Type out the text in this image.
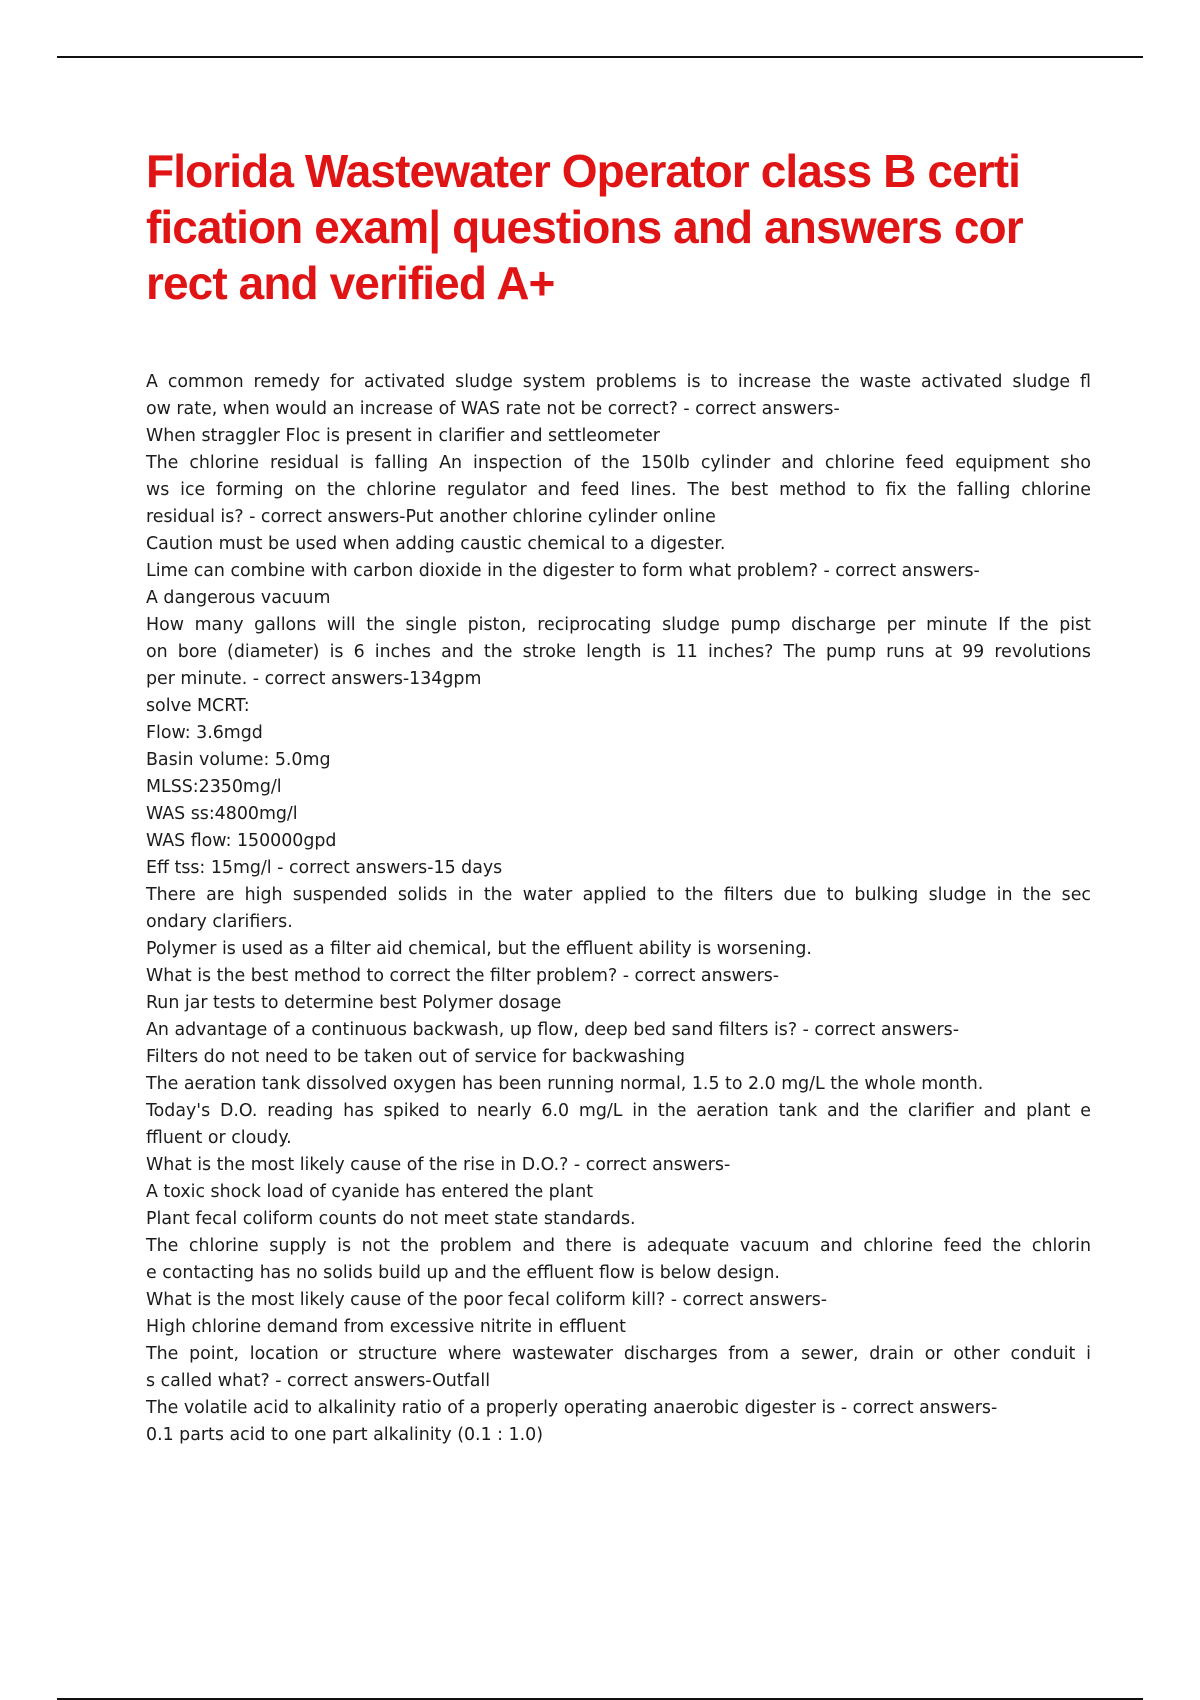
Florida Wastewater Operator class B certi
fication exam| questions and answers cor
rect and verified A+
A common remedy for activated sludge system problems is to increase the waste activated sludge fl
ow rate, when would an increase of WAS rate not be correct? - correct answers-
When straggler Floc is present in clarifier and settleometer
The chlorine residual is falling An inspection of the 150lb cylinder and chlorine feed equipment sho
ws ice forming on the chlorine regulator and feed lines. The best method to fix the falling chlorine
residual is? - correct answers-Put another chlorine cylinder online
Caution must be used when adding caustic chemical to a digester.
Lime can combine with carbon dioxide in the digester to form what problem? - correct answers-
A dangerous vacuum
How many gallons will the single piston, reciprocating sludge pump discharge per minute If the pist
on bore (diameter) is 6 inches and the stroke length is 11 inches? The pump runs at 99 revolutions
per minute. - correct answers-134gpm
solve MCRT:
Flow: 3.6mgd
Basin volume: 5.0mg
MLSS:2350mg/l
WAS ss:4800mg/l
WAS flow: 150000gpd
Eff tss: 15mg/l - correct answers-15 days
There are high suspended solids in the water applied to the filters due to bulking sludge in the sec
ondary clarifiers.
Polymer is used as a filter aid chemical, but the effluent ability is worsening.
What is the best method to correct the filter problem? - correct answers-
Run jar tests to determine best Polymer dosage
An advantage of a continuous backwash, up flow, deep bed sand filters is? - correct answers-
Filters do not need to be taken out of service for backwashing
The aeration tank dissolved oxygen has been running normal, 1.5 to 2.0 mg/L the whole month.
Today's D.O. reading has spiked to nearly 6.0 mg/L in the aeration tank and the clarifier and plant e
ffluent or cloudy.
What is the most likely cause of the rise in D.O.? - correct answers-
A toxic shock load of cyanide has entered the plant
Plant fecal coliform counts do not meet state standards.
The chlorine supply is not the problem and there is adequate vacuum and chlorine feed the chlorin
e contacting has no solids build up and the effluent flow is below design.
What is the most likely cause of the poor fecal coliform kill? - correct answers-
High chlorine demand from excessive nitrite in effluent
The point, location or structure where wastewater discharges from a sewer, drain or other conduit i
s called what? - correct answers-Outfall
The volatile acid to alkalinity ratio of a properly operating anaerobic digester is - correct answers-
0.1 parts acid to one part alkalinity (0.1 : 1.0)
